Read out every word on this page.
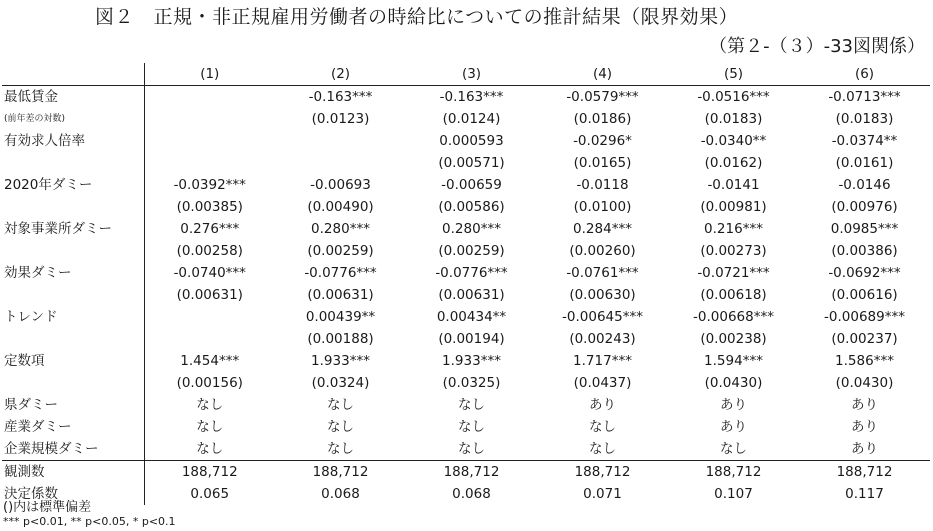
図２　正規・非正規雇用労働者の時給比についての推計結果（限界効果）
（第２-（３）-33図関係）
	(1)	(2)	(3)	(4)	(5)	(6)
最低賃金		-0.163***	-0.163***	-0.0579***	-0.0516***	-0.0713***
(前年差の対数)		(0.0123)	(0.0124)	(0.0186)	(0.0183)	(0.0183)
有効求人倍率			0.000593	-0.0296*	-0.0340**	-0.0374**
			(0.00571)	(0.0165)	(0.0162)	(0.0161)
2020年ダミー	-0.0392***	-0.00693	-0.00659	-0.0118	-0.0141	-0.0146
	(0.00385)	(0.00490)	(0.00586)	(0.0100)	(0.00981)	(0.00976)
対象事業所ダミー	0.276***	0.280***	0.280***	0.284***	0.216***	0.0985***
	(0.00258)	(0.00259)	(0.00259)	(0.00260)	(0.00273)	(0.00386)
効果ダミー	-0.0740***	-0.0776***	-0.0776***	-0.0761***	-0.0721***	-0.0692***
	(0.00631)	(0.00631)	(0.00631)	(0.00630)	(0.00618)	(0.00616)
トレンド		0.00439**	0.00434**	-0.00645***	-0.00668***	-0.00689***
		(0.00188)	(0.00194)	(0.00243)	(0.00238)	(0.00237)
定数項	1.454***	1.933***	1.933***	1.717***	1.594***	1.586***
	(0.00156)	(0.0324)	(0.0325)	(0.0437)	(0.0430)	(0.0430)
県ダミー	なし	なし	なし	あり	あり	あり
産業ダミー	なし	なし	なし	なし	あり	あり
企業規模ダミー	なし	なし	なし	なし	なし	あり
観測数	188,712	188,712	188,712	188,712	188,712	188,712
決定係数	0.065	0.068	0.068	0.071	0.107	0.117
()内は標準偏差
*** p<0.01, ** p<0.05, * p<0.1
